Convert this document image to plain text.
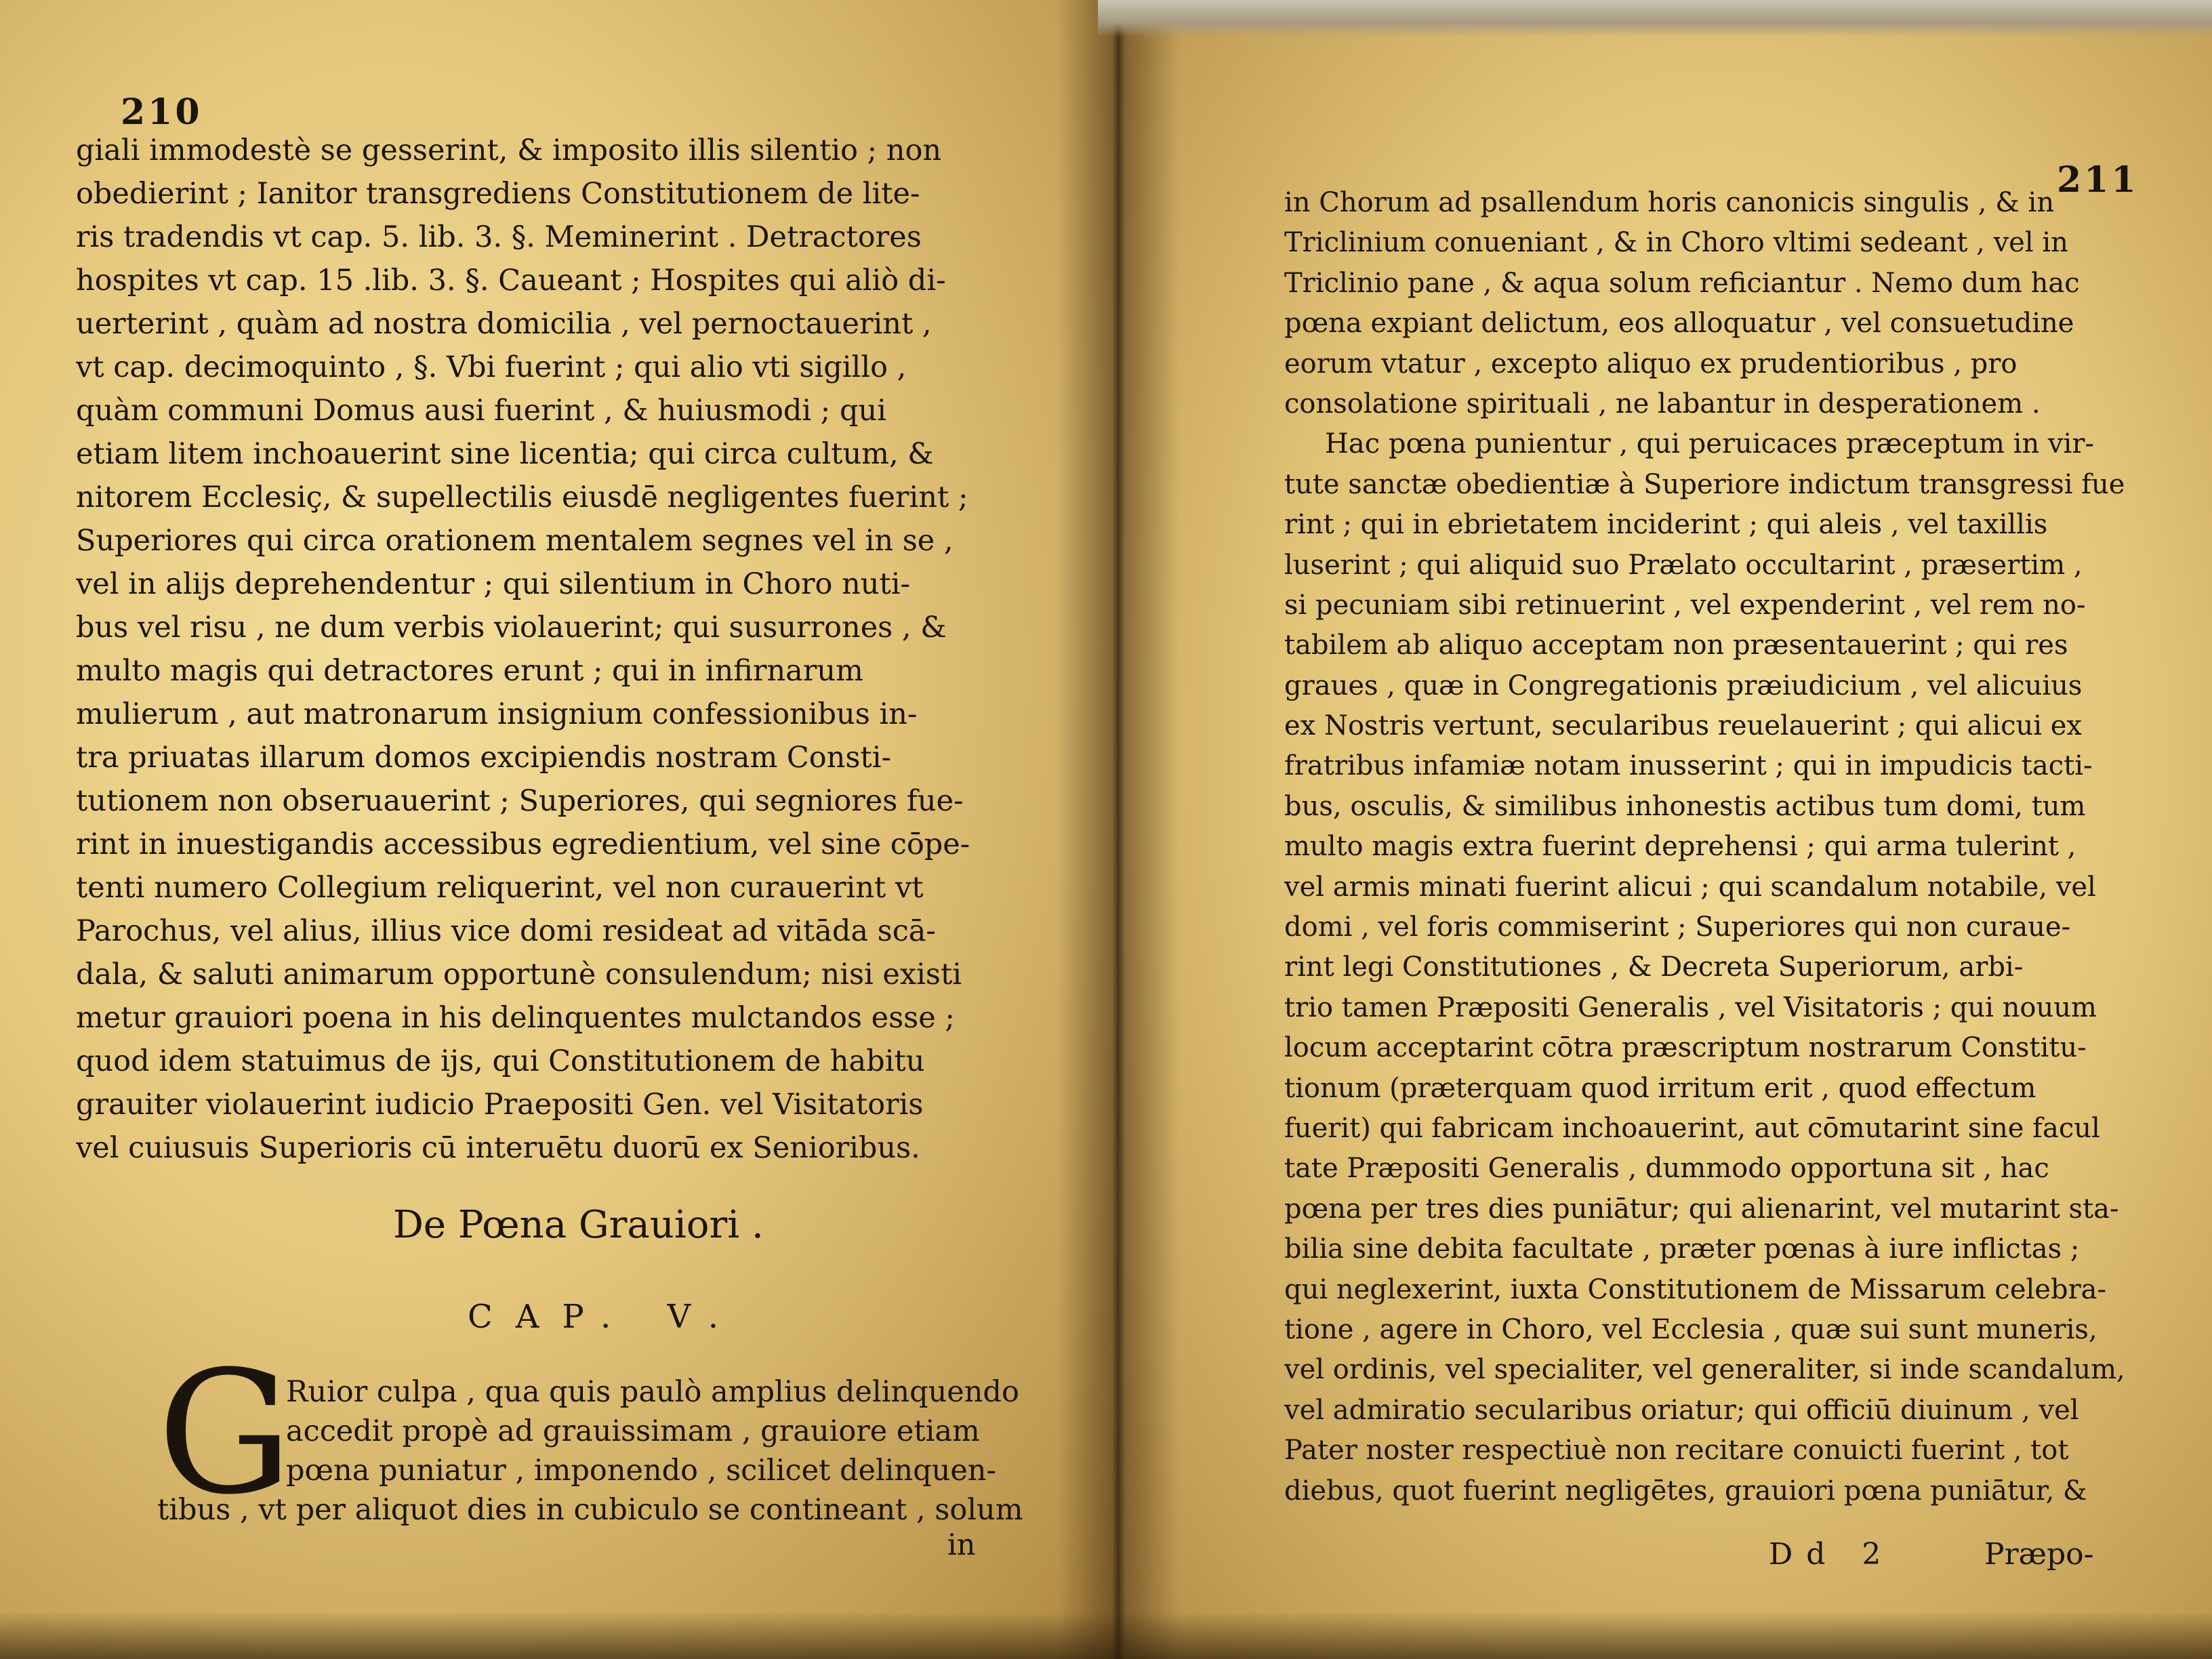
210
giali immodestè se gesserint, & imposito illis silentio ; non
obedierint ; Ianitor transgrediens Constitutionem de lite-
ris tradendis vt cap. 5. lib. 3. §. Meminerint . Detractores
hospites vt cap. 15 .lib. 3. §. Caueant ; Hospites qui aliò di-
uerterint , quàm ad nostra domicilia , vel pernoctauerint ,
vt cap. decimoquinto , §. Vbi fuerint ; qui alio vti sigillo ,
quàm communi Domus ausi fuerint , & huiusmodi ; qui
etiam litem inchoauerint sine licentia; qui circa cultum, &
nitorem Ecclesiç, & supellectilis eiusdē negligentes fuerint ;
Superiores qui circa orationem mentalem segnes vel in se ,
vel in alijs deprehendentur ; qui silentium in Choro nuti-
bus vel risu , ne dum verbis violauerint; qui susurrones , &
multo magis qui detractores erunt ; qui in infirnarum
mulierum , aut matronarum insignium confessionibus in-
tra priuatas illarum domos excipiendis nostram Consti-
tutionem non obseruauerint ; Superiores, qui segniores fue-
rint in inuestigandis accessibus egredientium, vel sine cōpe-
tenti numero Collegium reliquerint, vel non curauerint vt
Parochus, vel alius, illius vice domi resideat ad vitāda scā-
dala, & saluti animarum opportunè consulendum; nisi existi
metur grauiori poena in his delinquentes mulctandos esse ;
quod idem statuimus de ijs, qui Constitutionem de habitu
grauiter violauerint iudicio Praepositi Gen. vel Visitatoris
vel cuiusuis Superioris cū interuētu duorū ex Senioribus.
De Pœna Grauiori .
CAP. V.
G
Ruior culpa , qua quis paulò amplius delinquendo
accedit propè ad grauissimam , grauiore etiam
pœna puniatur , imponendo , scilicet delinquen-
tibus , vt per aliquot dies in cubiculo se contineant , solum
in
211
in Chorum ad psallendum horis canonicis singulis , & in
Triclinium conueniant , & in Choro vltimi sedeant , vel in
Triclinio pane , & aqua solum reficiantur . Nemo dum hac
pœna expiant delictum, eos alloquatur , vel consuetudine
eorum vtatur , excepto aliquo ex prudentioribus , pro
consolatione spirituali , ne labantur in desperationem .
Hac pœna punientur , qui peruicaces præceptum in vir-
tute sanctæ obedientiæ à Superiore indictum transgressi fue
rint ; qui in ebrietatem inciderint ; qui aleis , vel taxillis
luserint ; qui aliquid suo Prælato occultarint , præsertim ,
si pecuniam sibi retinuerint , vel expenderint , vel rem no-
tabilem ab aliquo acceptam non præsentauerint ; qui res
graues , quæ in Congregationis præiudicium , vel alicuius
ex Nostris vertunt, secularibus reuelauerint ; qui alicui ex
fratribus infamiæ notam inusserint ; qui in impudicis tacti-
bus, osculis, & similibus inhonestis actibus tum domi, tum
multo magis extra fuerint deprehensi ; qui arma tulerint ,
vel armis minati fuerint alicui ; qui scandalum notabile, vel
domi , vel foris commiserint ; Superiores qui non curaue-
rint legi Constitutiones , & Decreta Superiorum, arbi-
trio tamen Præpositi Generalis , vel Visitatoris ; qui nouum
locum acceptarint cōtra præscriptum nostrarum Constitu-
tionum (præterquam quod irritum erit , quod effectum
fuerit) qui fabricam inchoauerint, aut cōmutarint sine facul
tate Præpositi Generalis , dummodo opportuna sit , hac
pœna per tres dies puniātur; qui alienarint, vel mutarint sta-
bilia sine debita facultate , præter pœnas à iure inflictas ;
qui neglexerint, iuxta Constitutionem de Missarum celebra-
tione , agere in Choro, vel Ecclesia , quæ sui sunt muneris,
vel ordinis, vel specialiter, vel generaliter, si inde scandalum,
vel admiratio secularibus oriatur; qui officiū diuinum , vel
Pater noster respectiuè non recitare conuicti fuerint , tot
diebus, quot fuerint negligētes, grauiori pœna puniātur, &
Dd 2	Præpo-
